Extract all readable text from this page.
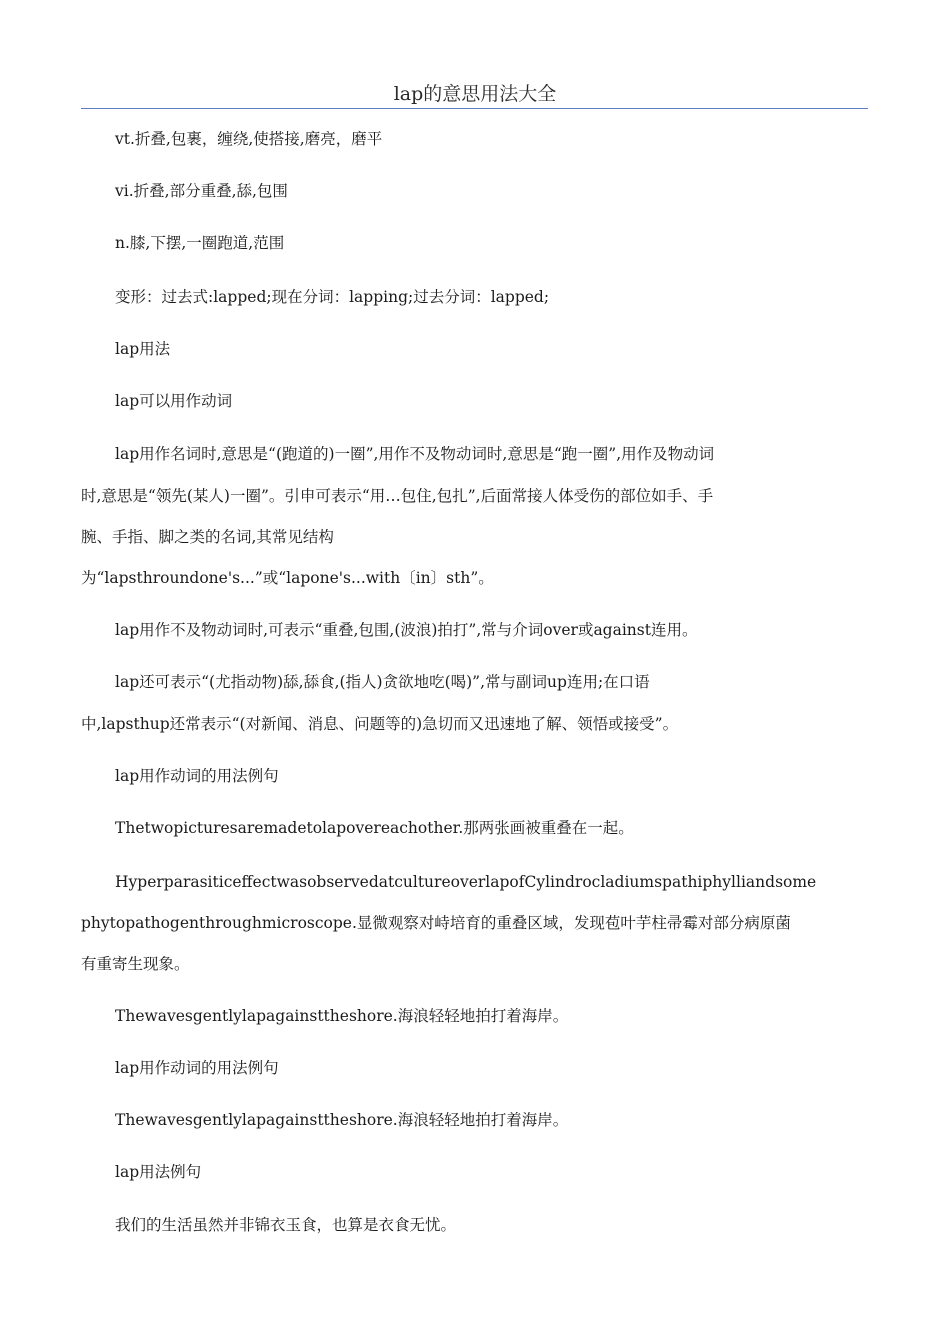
lap的意思用法大全
vt.折叠,包裹，缠绕,使搭接,磨亮，磨平
vi.折叠,部分重叠,舔,包围
n.膝,下摆,一圈跑道,范围
变形：过去式:lapped;现在分词：lapping;过去分词：lapped;
lap用法
lap可以用作动词
lap用作名词时,意思是“(跑道的)一圈”,用作不及物动词时,意思是“跑一圈”,用作及物动词
时,意思是“领先(某人)一圈”。引申可表示“用…包住,包扎”,后面常接人体受伤的部位如手、手
腕、手指、脚之类的名词,其常见结构
为“lapsthroundone's...”或“lapone's...with〔in〕sth”。
lap用作不及物动词时,可表示“重叠,包围,(波浪)拍打”,常与介词over或against连用。
lap还可表示“(尤指动物)舔,舔食,(指人)贪欲地吃(喝)”,常与副词up连用;在口语
中,lapsthup还常表示“(对新闻、消息、问题等的)急切而又迅速地了解、领悟或接受”。
lap用作动词的用法例句
Thetwopicturesaremadetolapovereachother.那两张画被重叠在一起。
HyperparasiticeffectwasobservedatcultureoverlapofCylindrocladiumspathiphylliandsome
phytopathogenthroughmicroscope.显微观察对峙培育的重叠区域，发现苞叶芋柱帚霉对部分病原菌
有重寄生现象。
Thewavesgentlylapagainsttheshore.海浪轻轻地拍打着海岸。
lap用作动词的用法例句
Thewavesgentlylapagainsttheshore.海浪轻轻地拍打着海岸。
lap用法例句
我们的生活虽然并非锦衣玉食，也算是衣食无忧。
